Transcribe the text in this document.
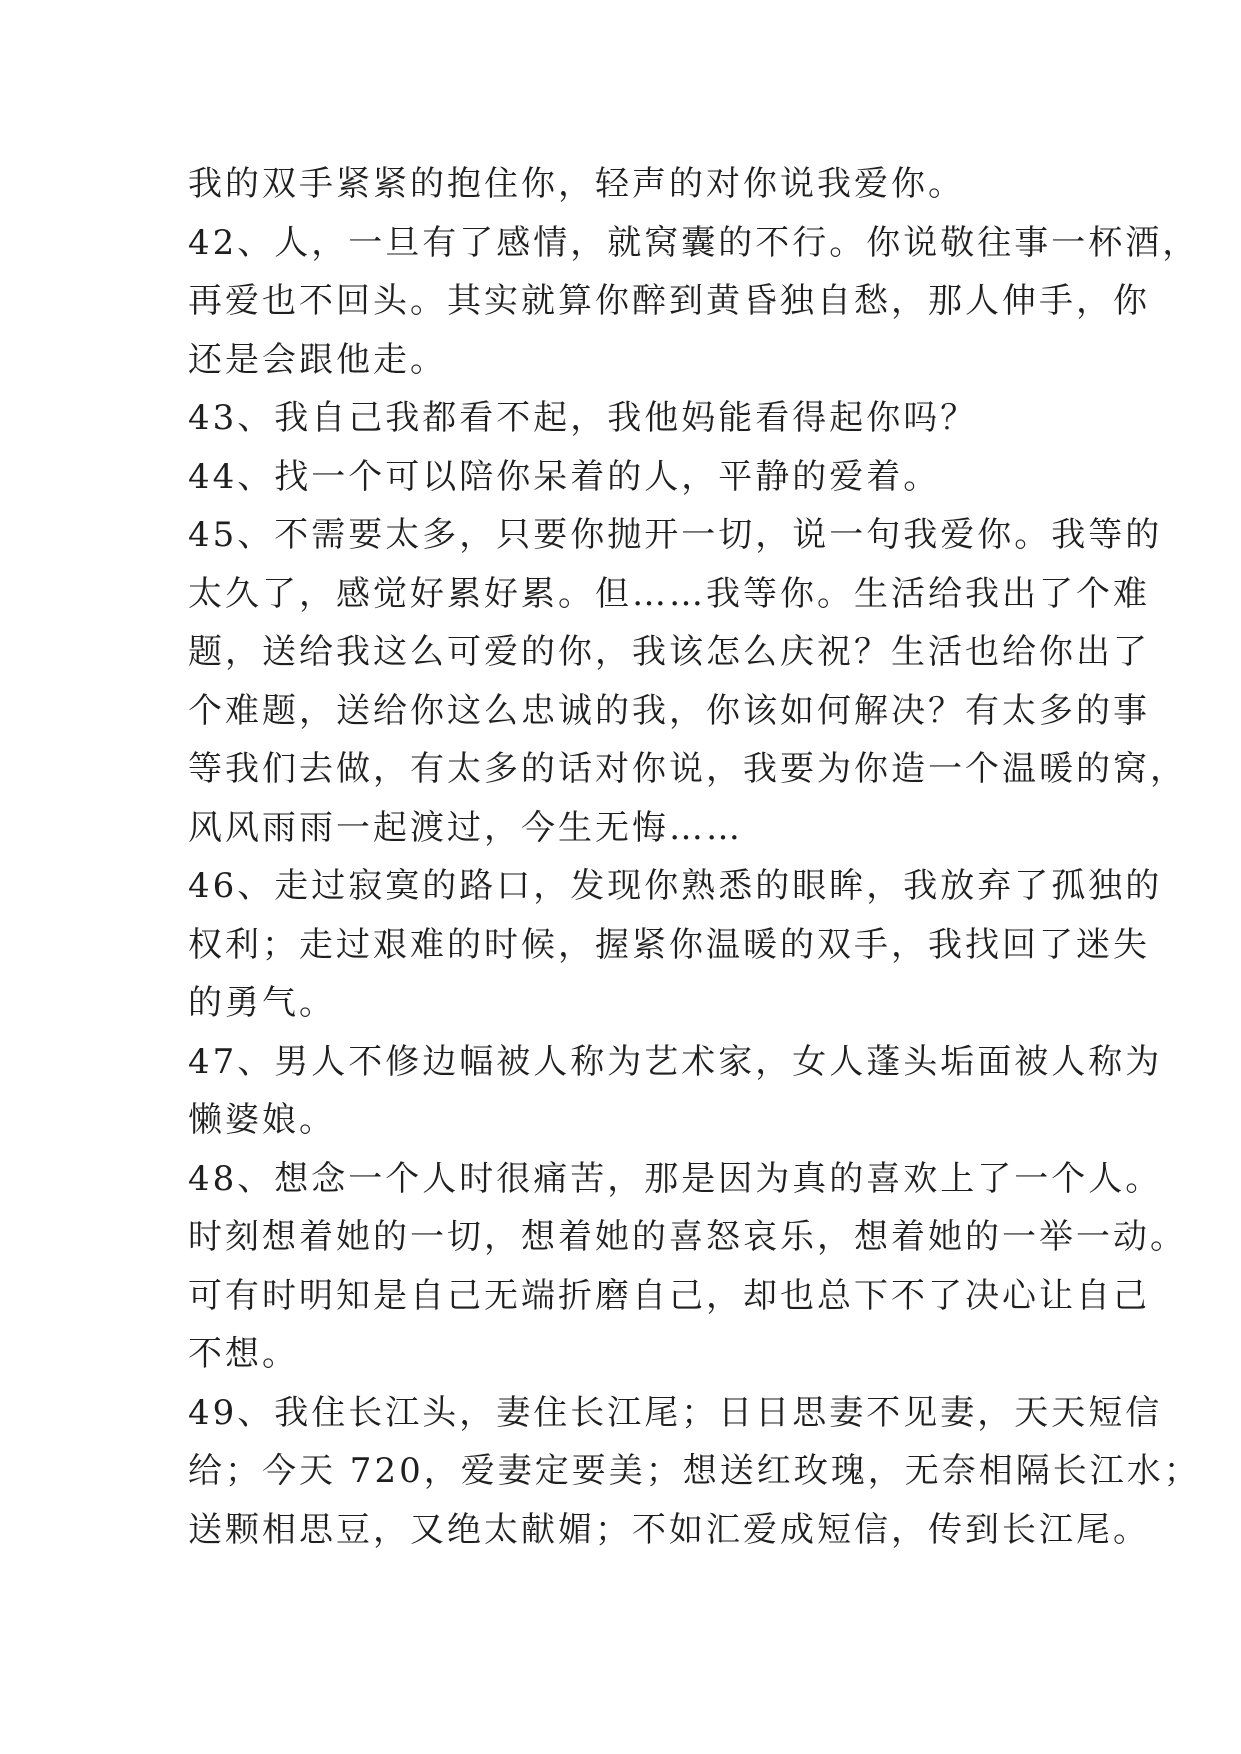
我的双手紧紧的抱住你，轻声的对你说我爱你。
42、人，一旦有了感情，就窝囊的不行。你说敬往事一杯酒，
再爱也不回头。其实就算你醉到黄昏独自愁，那人伸手，你
还是会跟他走。
43、我自己我都看不起，我他妈能看得起你吗？
44、找一个可以陪你呆着的人，平静的爱着。
45、不需要太多，只要你抛开一切，说一句我爱你。我等的
太久了，感觉好累好累。但……我等你。生活给我出了个难
题，送给我这么可爱的你，我该怎么庆祝？生活也给你出了
个难题，送给你这么忠诚的我，你该如何解决？有太多的事
等我们去做，有太多的话对你说，我要为你造一个温暖的窝，
风风雨雨一起渡过，今生无悔……
46、走过寂寞的路口，发现你熟悉的眼眸，我放弃了孤独的
权利；走过艰难的时候，握紧你温暖的双手，我找回了迷失
的勇气。
47、男人不修边幅被人称为艺术家，女人蓬头垢面被人称为
懒婆娘。
48、想念一个人时很痛苦，那是因为真的喜欢上了一个人。
时刻想着她的一切，想着她的喜怒哀乐，想着她的一举一动。
可有时明知是自己无端折磨自己，却也总下不了决心让自己
不想。
49、我住长江头，妻住长江尾；日日思妻不见妻，天天短信
给；今天 720，爱妻定要美；想送红玫瑰，无奈相隔长江水；
送颗相思豆，又绝太献媚；不如汇爱成短信，传到长江尾。
